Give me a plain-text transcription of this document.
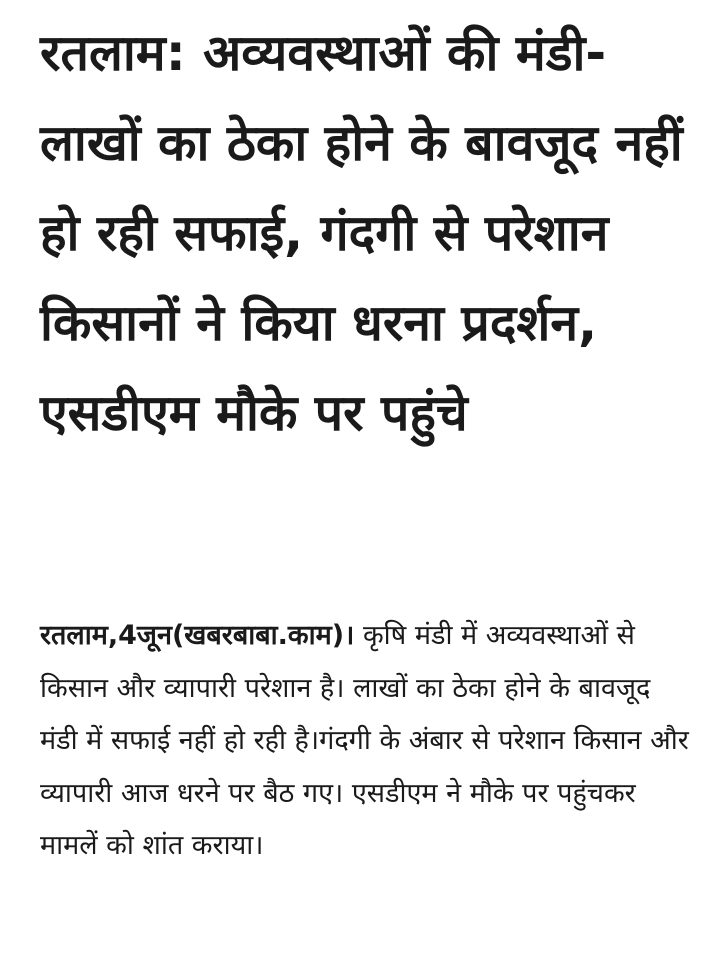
रतलाम: अव्यवस्थाओं की मंडी-लाखों का ठेका होने के बावजूद नहीं हो रही सफाई, गंदगी से परेशान किसानों ने किया धरना प्रदर्शन, एसडीएम मौके पर पहुंचे

रतलाम,4जून(खबरबाबा.काम)। कृषि मंडी में अव्यवस्थाओं से किसान और व्यापारी परेशान है। लाखों का ठेका होने के बावजूद मंडी में सफाई नहीं हो रही है।गंदगी के अंबार से परेशान किसान और व्यापारी आज धरने पर बैठ गए। एसडीएम ने मौके पर पहुंचकर मामलें को शांत कराया।
